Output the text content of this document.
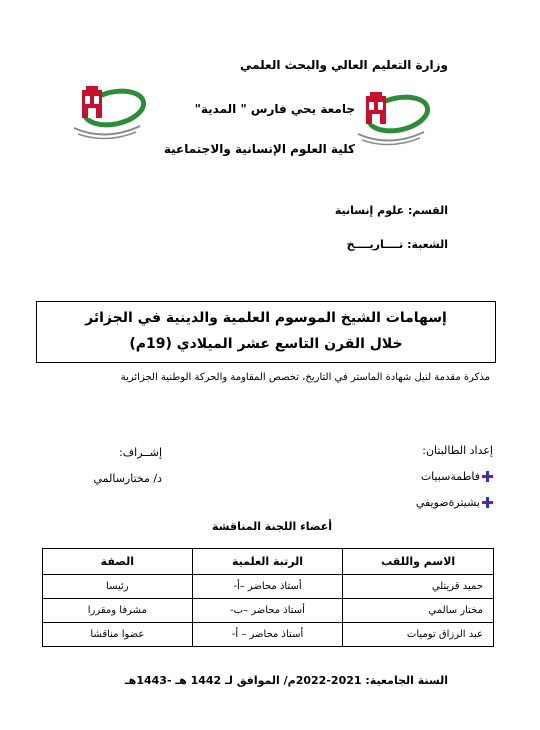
وزارة التعليم العالي والبحث العلمي
جامعة يحي فارس " المدية"
كلية العلوم الإنسانية والاجتماعية
القسم: علوم إنسانية
الشعبة: تــــاريــــخ
إسهامات الشيخ الموسوم العلمية والدينية في الجزائر
خلال القرن التاسع عشر الميلادي (19م)
مذكرة مقدمة لنيل شهادة الماستر في التاريخ، تخصص المقاومة والحركة الوطنية الجزائرية
إعداد الطالبتان:
فاطمةسبيات
بشيترةضويفي
إشــراف:
د/ مختارسالمي
أعضاء اللجنة المناقشة
الاسم واللقب	الرتبة العلمية	الصفة
حميد قريتلي	أستاذ محاضر –أ-	رئيسا
مختار سالمي	أستاذ محاضر –ب-	مشرفا ومقررا
عبد الرزاق توميات	أستاذ محاضر – أ-	عضوا مناقشا
السنة الجامعية: 2021-2022م/ الموافق لـ 1442 هـ -1443هـ
